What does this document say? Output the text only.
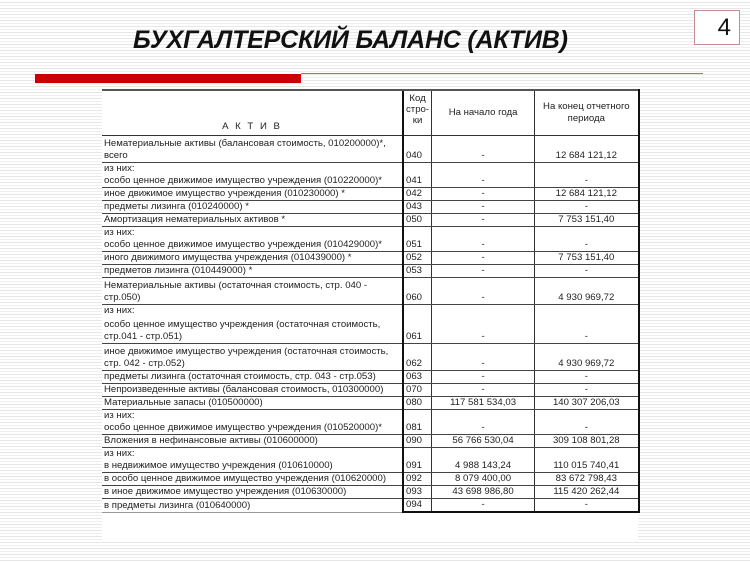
БУХГАЛТЕРСКИЙ БАЛАНС (АКТИВ)	4
А К Т И В	Код
стро-
ки	На начало года	На конец отчетного периода
Нематериальные активы (балансовая стоимость, 010200000)*, всего	040	-	12 684 121,12
из них:			
особо ценное движимое имущество учреждения (010220000)*	041	-	-
иное движимое имущество учреждения (010230000) *	042	-	12 684 121,12
предметы лизинга (010240000) *	043	-	-
Амортизация нематериальных активов *	050	-	7 753 151,40
из них:			
особо ценное движимое имущество учреждения (010429000)*	051	-	-
иного движимого имущества учреждения (010439000) *	052	-	7 753 151,40
предметов лизинга (010449000) *	053	-	-
Нематериальные активы (остаточная стоимость, стр. 040 - стр.050)	060	-	4 930 969,72
из них:			
особо ценное имущество учреждения (остаточная стоимость, стр.041 - стр.051)	061	-	-
иное движимое имущество учреждения (остаточная стоимость, стр. 042 - стр.052)	062	-	4 930 969,72
предметы лизинга (остаточная стоимость, стр. 043 - стр.053)	063	-	-
Непроизведенные активы (балансовая стоимость, 010300000)	070	-	-
Материальные запасы (010500000)	080	117 581 534,03	140 307 206,03
из них:			
особо ценное движимое имущество учреждения (010520000)*	081	-	-
Вложения в нефинансовые активы (010600000)	090	56 766 530,04	309 108 801,28
из них:			
в недвижимое имущество учреждения (010610000)	091	4 988 143,24	110 015 740,41
в особо ценное движимое имущество учреждения (010620000)	092	8 079 400,00	83 672 798,43
в иное движимое имущество учреждения (010630000)	093	43 698 986,80	115 420 262,44
в предметы лизинга (010640000)	094	-	-
